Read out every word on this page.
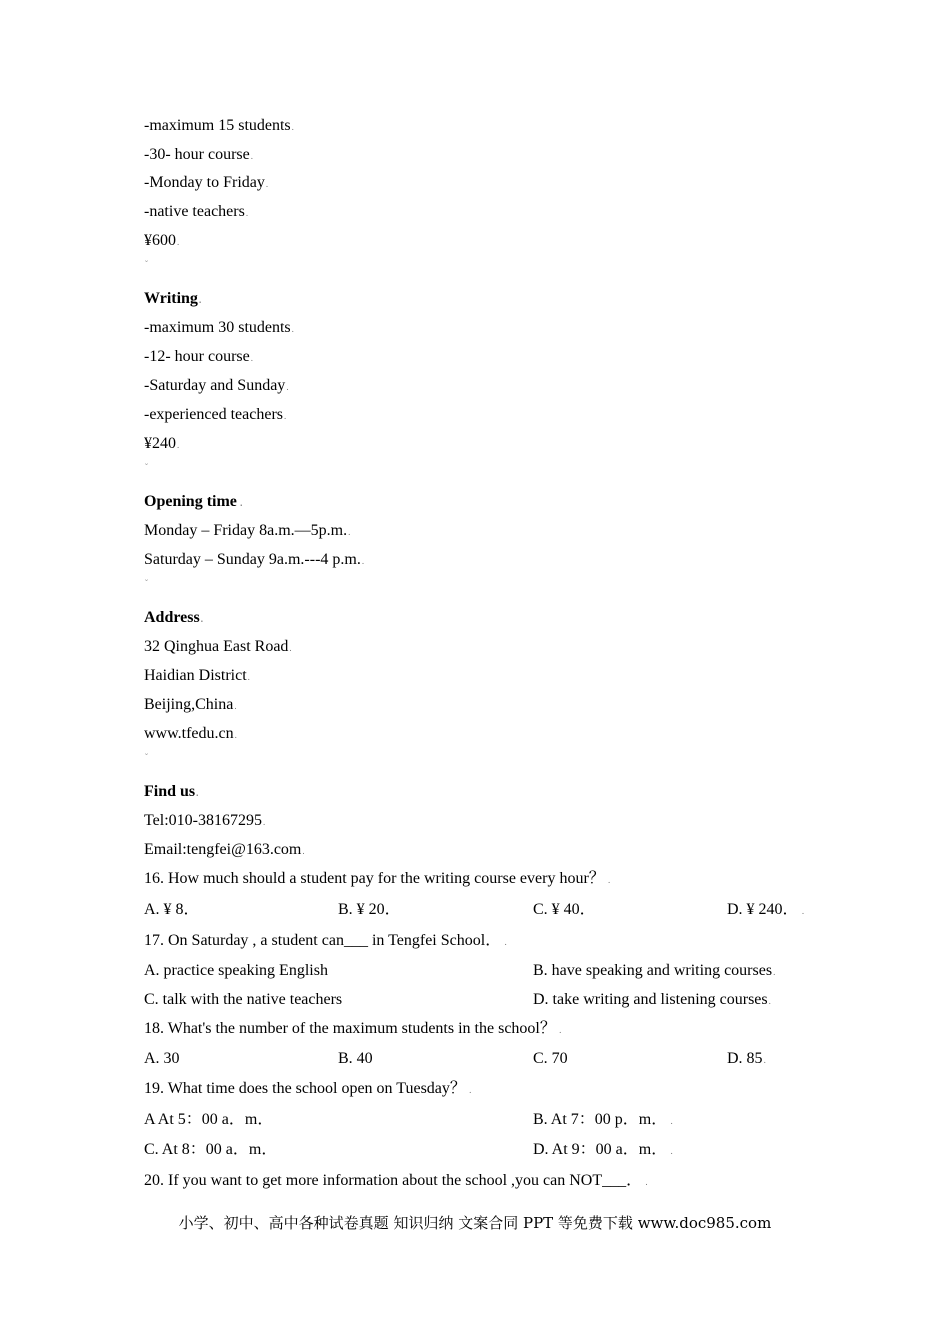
-maximum 15 students.
-30- hour course.
-Monday to Friday.
-native teachers.
¥600.
˘
Writing.
-maximum 30 students.
-12- hour course.
-Saturday and Sunday.
-experienced teachers.
¥240.
˘
Opening time .
Monday – Friday 8a.m.—5p.m..
Saturday – Sunday 9a.m.---4 p.m..
˘
Address.
32 Qinghua East Road.
Haidian District.
Beijing,China.
www.tfedu.cn.
˘
Find us.
Tel:010-38167295.
Email:tengfei@163.com.
16. How much should a student pay for the writing course every hour？ .
A. ¥ 8．	B. ¥ 20．	C. ¥ 40．	D. ¥ 240． .
17. On Saturday , a student can___ in Tengfei School． .
A. practice speaking English	B. have speaking and writing courses.
C. talk with the native teachers	D. take writing and listening courses.
18. What's the number of the maximum students in the school？ .
A. 30	B. 40	C. 70	D. 85.
19. What time does the school open on Tuesday？ .
A At 5：00 a．m．	B. At 7：00 p．m． .
C. At 8：00 a．m．	D. At 9：00 a．m． .
20. If you want to get more information about the school ,you can NOT___． .
小学、初中、高中各种试卷真题 知识归纳 文案合同 PPT 等免费下载 www.doc985.com
